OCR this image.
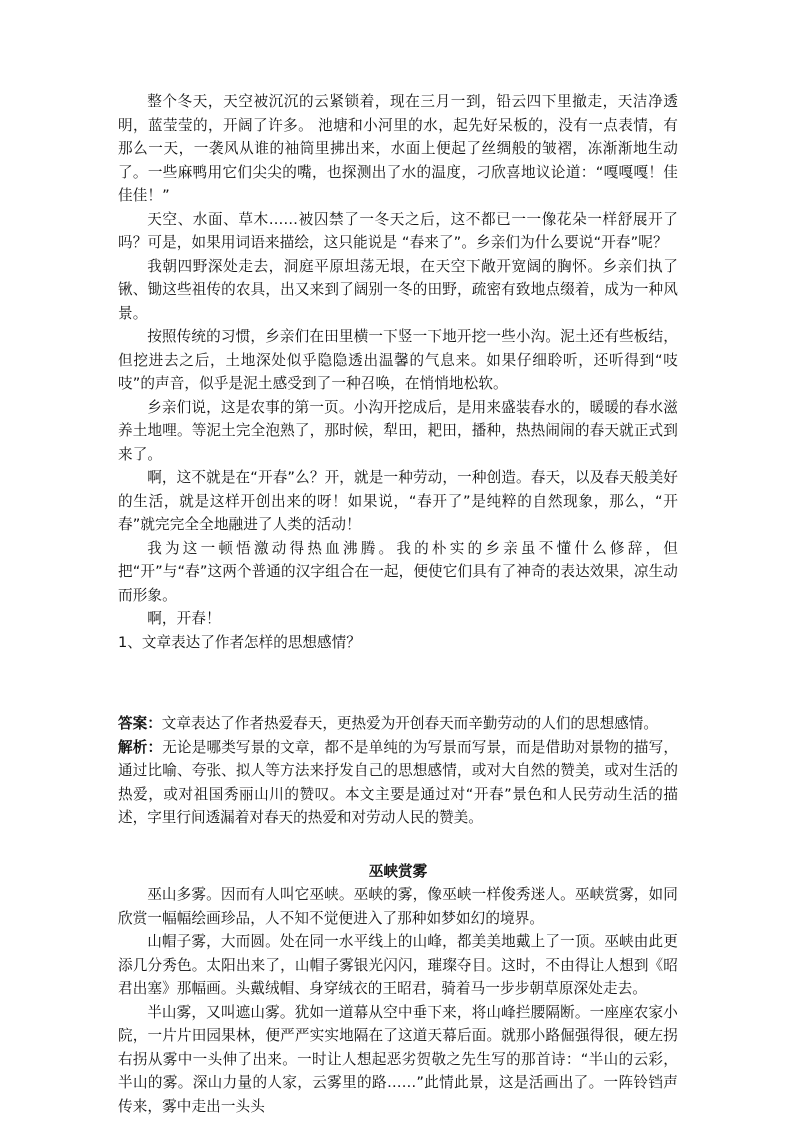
整个冬天，天空被沉沉的云紧锁着，现在三月一到，铅云四下里撤走，天洁净透明，蓝莹莹的，开阔了许多。 池塘和小河里的水，起先好呆板的，没有一点表情，有那么一天，一袭风从谁的袖筒里拂出来，水面上便起了丝绸般的皱褶，冻渐渐地生动了。一些麻鸭用它们尖尖的嘴，也探测出了水的温度，刁欣喜地议论道：“嘎嘎嘎！佳佳佳！”

天空、水面、草木……被囚禁了一冬天之后，这不都已一一像花朵一样舒展开了吗？可是，如果用词语来描绘，这只能说是 “春来了”。乡亲们为什么要说“开春”呢？

我朝四野深处走去，洞庭平原坦荡无垠，在天空下敞开宽阔的胸怀。乡亲们执了锹、锄这些祖传的农具，出又来到了阔别一冬的田野，疏密有致地点缀着，成为一种风景。

按照传统的习惯，乡亲们在田里横一下竖一下地开挖一些小沟。泥土还有些板结，但挖进去之后，土地深处似乎隐隐透出温馨的气息来。如果仔细聆听，还听得到“吱吱”的声音，似乎是泥土感受到了一种召唤，在悄悄地松软。

乡亲们说，这是农事的第一页。小沟开挖成后，是用来盛装春水的，暖暖的春水滋养土地哩。等泥土完全泡熟了，那时候，犁田，耙田，播种，热热闹闹的春天就正式到来了。

啊，这不就是在“开春”么？开，就是一种劳动，一种创造。春天，以及春天般美好的生活，就是这样开创出来的呀！如果说，“春开了”是纯粹的自然现象，那么，“开春”就完完全全地融进了人类的活动！

我为这一顿悟激动得热血沸腾。我的朴实的乡亲虽不懂什么修辞，但把“开”与“春”这两个普通的汉字组合在一起，便使它们具有了神奇的表达效果，凉生动而形象。

啊，开春！

1、文章表达了作者怎样的思想感情？

答案：文章表达了作者热爱春天，更热爱为开创春天而辛勤劳动的人们的思想感情。

解析：无论是哪类写景的文章，都不是单纯的为写景而写景，而是借助对景物的描写，通过比喻、夸张、拟人等方法来抒发自己的思想感情，或对大自然的赞美，或对生活的热爱，或对祖国秀丽山川的赞叹。本文主要是通过对“开春”景色和人民劳动生活的描述，字里行间透漏着对春天的热爱和对劳动人民的赞美。

巫峡赏雾

巫山多雾。因而有人叫它巫峡。巫峡的雾，像巫峡一样俊秀迷人。巫峡赏雾，如同欣赏一幅幅绘画珍品，人不知不觉便进入了那种如梦如幻的境界。

山帽子雾，大而圆。处在同一水平线上的山峰，都美美地戴上了一顶。巫峡由此更添几分秀色。太阳出来了，山帽子雾银光闪闪，璀璨夺目。这时，不由得让人想到《昭君出塞》那幅画。头戴绒帽、身穿绒衣的王昭君，骑着马一步步朝草原深处走去。

半山雾，又叫遮山雾。犹如一道幕从空中垂下来，将山峰拦腰隔断。一座座农家小院，一片片田园果林，便严严实实地隔在了这道天幕后面。就那小路倔强得很，硬左拐右拐从雾中一头伸了出来。一时让人想起恶劣贺敬之先生写的那首诗：“半山的云彩，半山的雾。深山力量的人家，云雾里的路……”此情此景，这是活画出了。一阵铃铛声传来，雾中走出一头头
